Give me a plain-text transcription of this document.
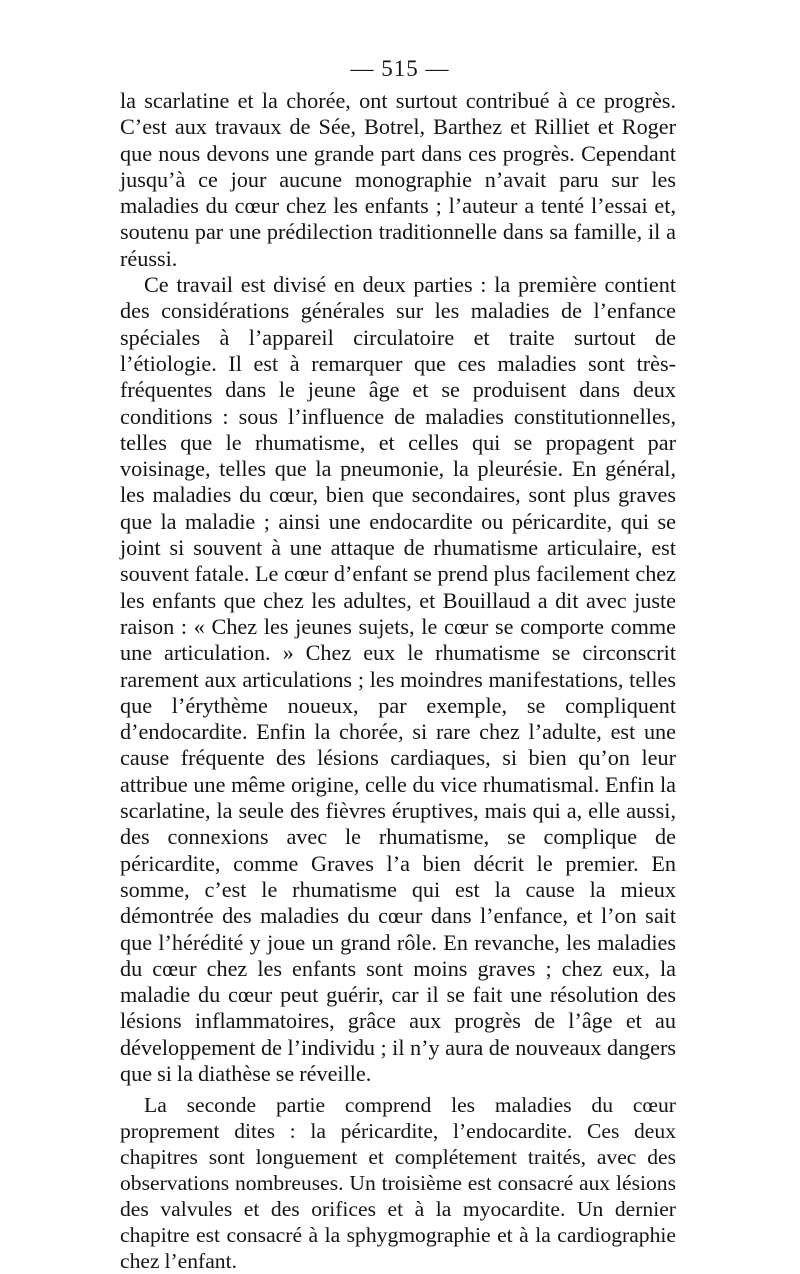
— 515 —

la scarlatine et la chorée, ont surtout contribué à ce progrès. C’est aux travaux de Sée, Botrel, Barthez et Rilliet et Roger que nous devons une grande part dans ces progrès. Cependant jusqu’à ce jour aucune monographie n’avait paru sur les maladies du cœur chez les enfants ; l’auteur a tenté l’essai et, soutenu par une prédilection traditionnelle dans sa famille, il a réussi.

Ce travail est divisé en deux parties : la première contient des considérations générales sur les maladies de l’enfance spéciales à l’appareil circulatoire et traite surtout de l’étiologie. Il est à remarquer que ces maladies sont très-fréquentes dans le jeune âge et se produisent dans deux conditions : sous l’influence de maladies constitutionnelles, telles que le rhumatisme, et celles qui se propagent par voisinage, telles que la pneumonie, la pleurésie. En général, les maladies du cœur, bien que secondaires, sont plus graves que la maladie ; ainsi une endocardite ou péricardite, qui se joint si souvent à une attaque de rhumatisme articulaire, est souvent fatale. Le cœur d’enfant se prend plus facilement chez les enfants que chez les adultes, et Bouillaud a dit avec juste raison : « Chez les jeunes sujets, le cœur se comporte comme une articulation. » Chez eux le rhumatisme se circonscrit rarement aux articulations ; les moindres manifestations, telles que l’érythème noueux, par exemple, se compliquent d’endocardite. Enfin la chorée, si rare chez l’adulte, est une cause fréquente des lésions cardiaques, si bien qu’on leur attribue une même origine, celle du vice rhumatismal. Enfin la scarlatine, la seule des fièvres éruptives, mais qui a, elle aussi, des connexions avec le rhumatisme, se complique de péricardite, comme Graves l’a bien décrit le premier. En somme, c’est le rhumatisme qui est la cause la mieux démontrée des maladies du cœur dans l’enfance, et l’on sait que l’hérédité y joue un grand rôle. En revanche, les maladies du cœur chez les enfants sont moins graves ; chez eux, la maladie du cœur peut guérir, car il se fait une résolution des lésions inflammatoires, grâce aux progrès de l’âge et au développement de l’individu ; il n’y aura de nouveaux dangers que si la diathèse se réveille.

La seconde partie comprend les maladies du cœur proprement dites : la péricardite, l’endocardite. Ces deux chapitres sont longuement et complétement traités, avec des observations nombreuses. Un troisième est consacré aux lésions des valvules et des orifices et à la myocardite. Un dernier chapitre est consacré à la sphygmographie et à la cardiographie chez l’enfant.
